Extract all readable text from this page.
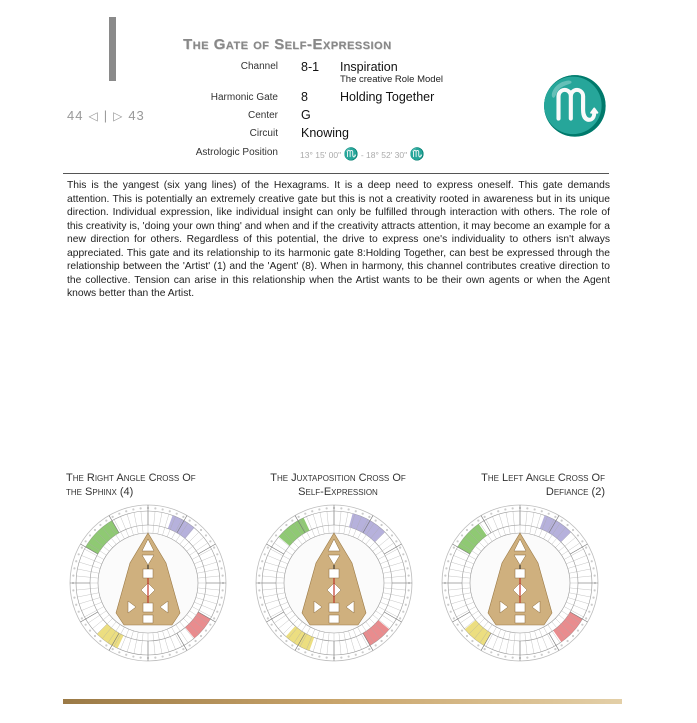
The Gate of Self-Expression
44 ◁ | ▷ 43
Channel 8-1 Inspiration
The creative Role Model
Harmonic Gate 8	Holding Together
Center G
Circuit Knowing
Astrologic Position	13° 15' 00" ♏ - 18° 52' 30" ♏
♏
This is the yangest (six yang lines) of the Hexagrams. It is a deep need to express oneself. This gate demands attention. This is potentially an extremely creative gate but this is not a creativity rooted in awareness but in its unique direction. Individual expression, like individual insight can only be fulfilled through interaction with others. The role of this creativity is, 'doing your own thing' and when and if the creativity attracts attention, it may become an example for a new direction for others. Regardless of this potential, the drive to express one's individuality to others isn't always appreciated. This gate and its relationship to its harmonic gate 8:Holding Together, can best be expressed through the relationship between the 'Artist' (1) and the 'Agent' (8). When in harmony, this channel contributes creative direction to the collective. Tension can arise in this relationship when the Artist wants to be their own agents or when the Agent knows better than the Artist.
The Right Angle Cross Of
the Sphinx (4)
The Juxtaposition Cross Of
Self-Expression
The Left Angle Cross Of
Defiance (2)
